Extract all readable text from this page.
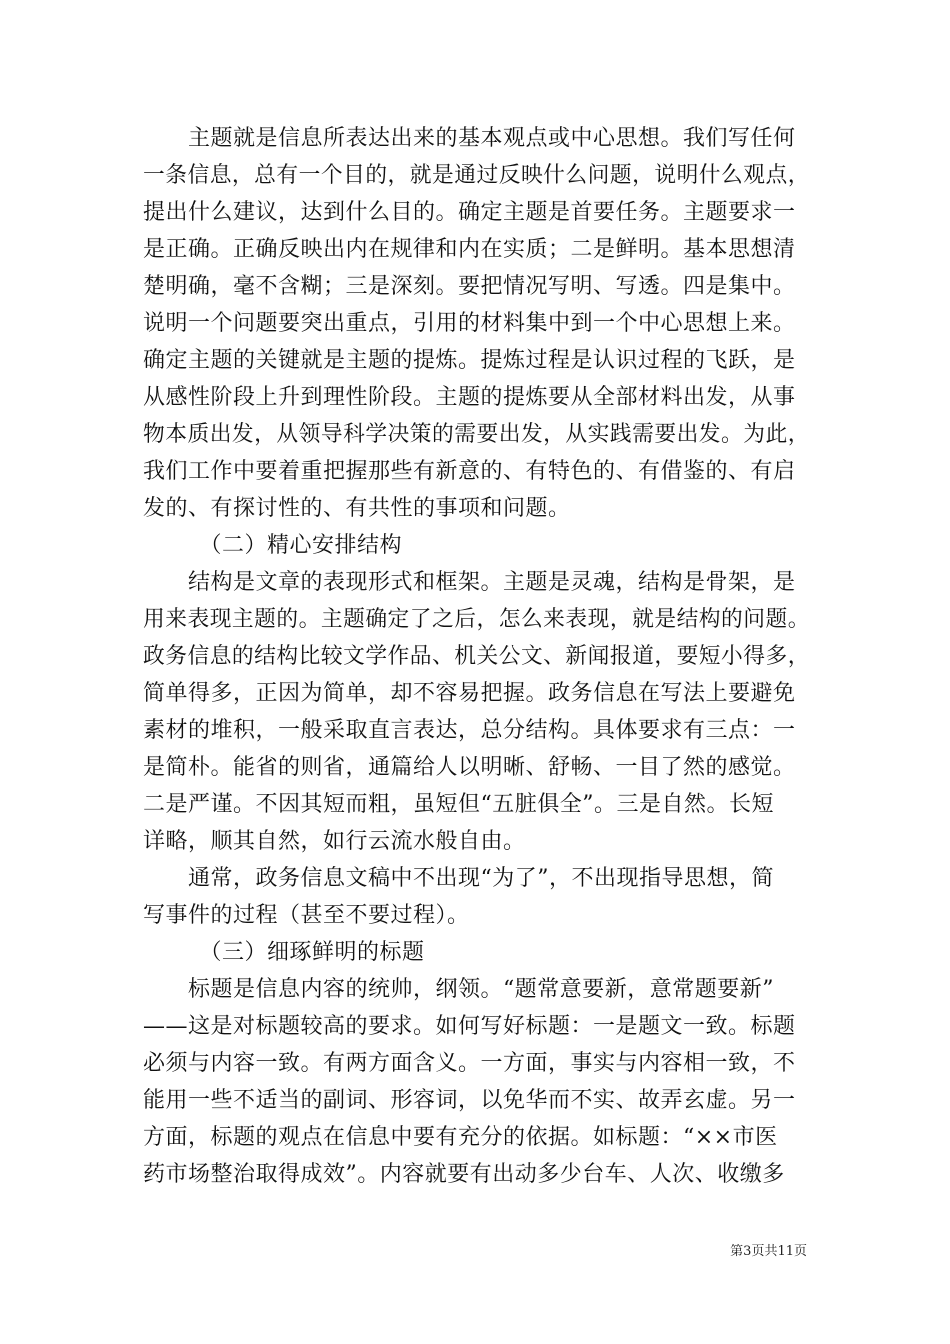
　　主题就是信息所表达出来的基本观点或中心思想。我们写任何
一条信息，总有一个目的，就是通过反映什么问题，说明什么观点，
提出什么建议，达到什么目的。确定主题是首要任务。主题要求一
是正确。正确反映出内在规律和内在实质；二是鲜明。基本思想清
楚明确，毫不含糊；三是深刻。要把情况写明、写透。四是集中。
说明一个问题要突出重点，引用的材料集中到一个中心思想上来。
确定主题的关键就是主题的提炼。提炼过程是认识过程的飞跃，是
从感性阶段上升到理性阶段。主题的提炼要从全部材料出发，从事
物本质出发，从领导科学决策的需要出发，从实践需要出发。为此，
我们工作中要着重把握那些有新意的、有特色的、有借鉴的、有启
发的、有探讨性的、有共性的事项和问题。
　　　（二）精心安排结构
　　结构是文章的表现形式和框架。主题是灵魂，结构是骨架，是
用来表现主题的。主题确定了之后，怎么来表现，就是结构的问题。
政务信息的结构比较文学作品、机关公文、新闻报道，要短小得多，
简单得多，正因为简单，却不容易把握。政务信息在写法上要避免
素材的堆积，一般采取直言表达，总分结构。具体要求有三点：一
是简朴。能省的则省，通篇给人以明晰、舒畅、一目了然的感觉。
二是严谨。不因其短而粗，虽短但“五脏俱全”。三是自然。长短
详略，顺其自然，如行云流水般自由。
　　通常，政务信息文稿中不出现“为了”，不出现指导思想，简
写事件的过程（甚至不要过程）。
　　　（三）细琢鲜明的标题
　　标题是信息内容的统帅，纲领。“题常意要新，意常题要新”
——这是对标题较高的要求。如何写好标题：一是题文一致。标题
必须与内容一致。有两方面含义。一方面，事实与内容相一致，不
能用一些不适当的副词、形容词，以免华而不实、故弄玄虚。另一
方面，标题的观点在信息中要有充分的依据。如标题：“××市医
药市场整治取得成效”。内容就要有出动多少台车、人次、收缴多
第3页共11页
